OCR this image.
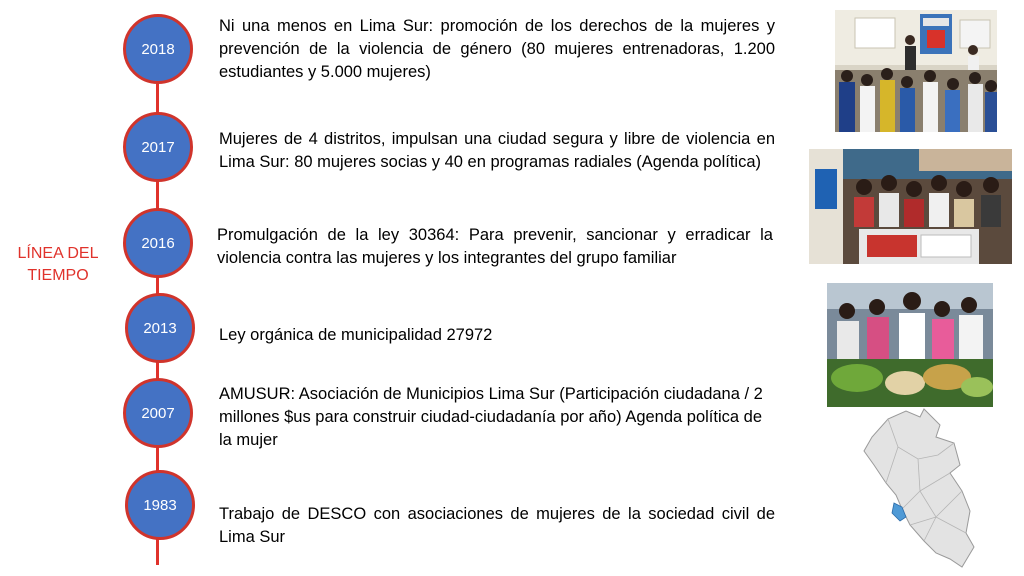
LÍNEA DEL TIEMPO
2018
2017
2016
2013
2007
1983
Ni una menos en Lima Sur: promoción de los derechos de la mujeres y prevención de la violencia de género (80 mujeres entrenadoras, 1.200 estudiantes y 5.000 mujeres)
Mujeres de 4 distritos, impulsan una ciudad segura y libre de violencia en Lima Sur: 80 mujeres socias y 40 en programas radiales (Agenda política)
Promulgación de la ley 30364: Para prevenir, sancionar y erradicar la violencia contra las mujeres y los integrantes del grupo familiar
Ley orgánica de municipalidad 27972
AMUSUR: Asociación de Municipios Lima Sur (Participación ciudadana / 2 millones $us para construir ciudad-ciudadanía por año) Agenda política de la mujer
Trabajo de DESCO con asociaciones de mujeres de la sociedad civil de Lima Sur
